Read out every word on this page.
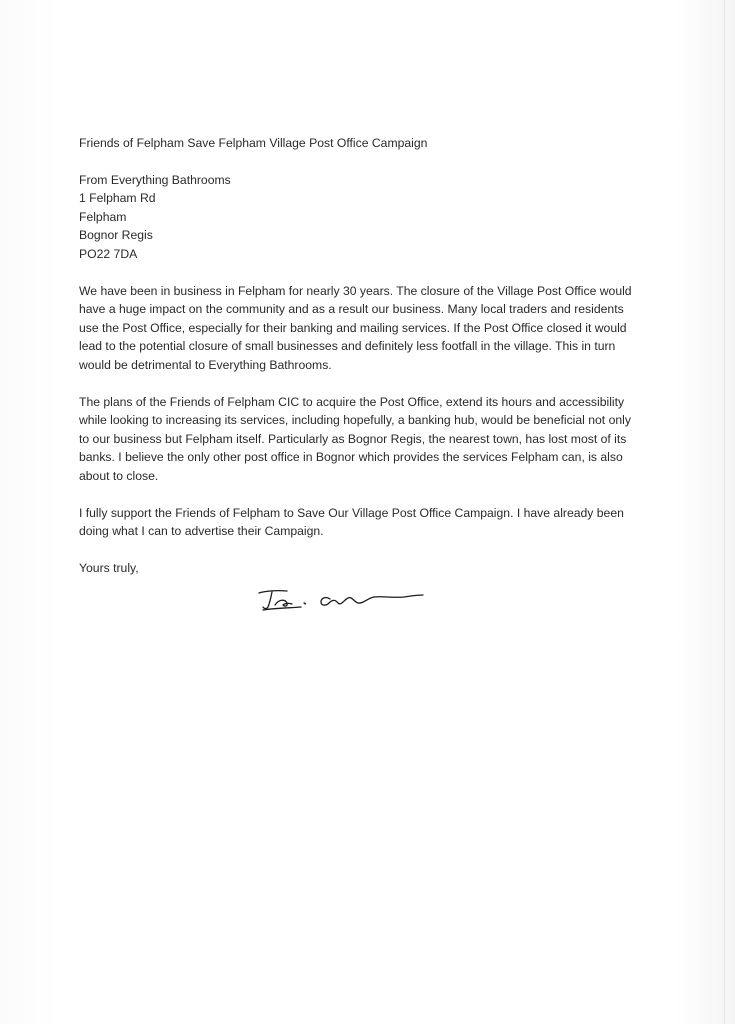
Friends of Felpham Save Felpham Village Post Office Campaign

From Everything Bathrooms
1 Felpham Rd
Felpham
Bognor Regis
PO22 7DA

We have been in business in Felpham for nearly 30 years. The closure of the Village Post Office would have a huge impact on the community and as a result our business. Many local traders and residents use the Post Office, especially for their banking and mailing services. If the Post Office closed it would lead to the potential closure of small businesses and definitely less footfall in the village. This in turn would be detrimental to Everything Bathrooms.

The plans of the Friends of Felpham CIC to acquire the Post Office, extend its hours and accessibility while looking to increasing its services, including hopefully, a banking hub, would be beneficial not only to our business but Felpham itself. Particularly as Bognor Regis, the nearest town, has lost most of its banks. I believe the only other post office in Bognor which provides the services Felpham can, is also about to close.

I fully support the Friends of Felpham to Save Our Village Post Office Campaign. I have already been doing what I can to advertise their Campaign.

Yours truly,
